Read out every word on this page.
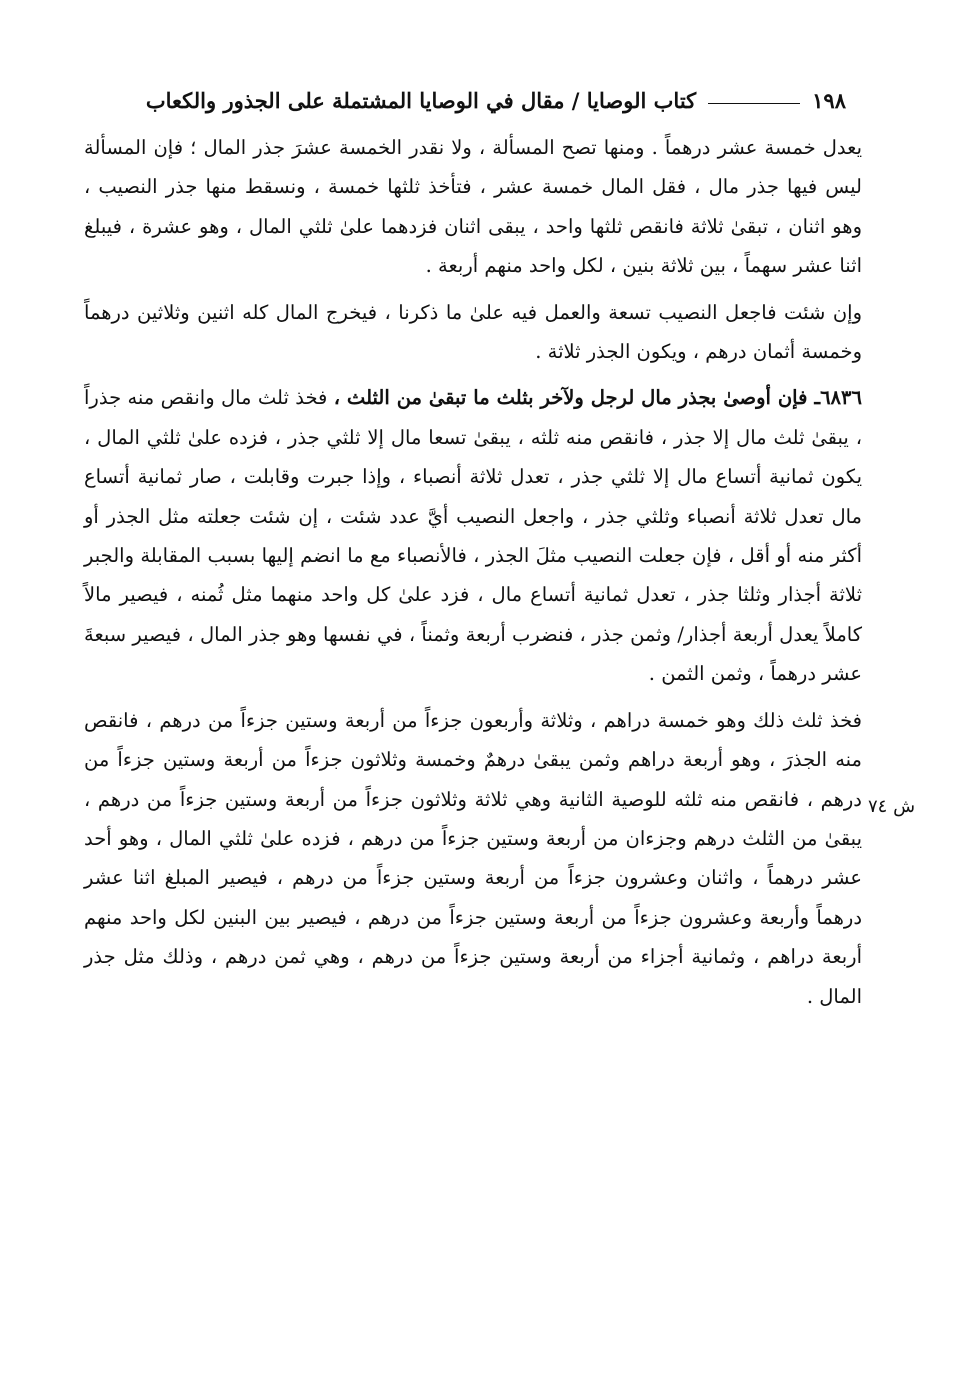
١٩٨
كتاب الوصايا / مقال في الوصايا المشتملة على الجذور والكعاب

يعدل خمسة عشر درهماً . ومنها تصح المسألة ، ولا نقدر الخمسة عشرَ جذر المال ؛ فإن المسألة ليس فيها جذر مال ، فقل المال خمسة عشر ، فتأخذ ثلثها خمسة ، ونسقط منها جذر النصيب ، وهو اثنان ، تبقىٰ ثلاثة فانقص ثلثها واحد ، يبقى اثنان فزدهما علىٰ ثلثي المال ، وهو عشرة ، فيبلغ اثنا عشر سهماً ، بين ثلاثة بنين ، لكل واحد منهم أربعة .

وإن شئت فاجعل النصيب تسعة والعمل فيه علىٰ ما ذكرنا ، فيخرج المال كله اثنين وثلاثين درهماً وخمسة أثمان درهم ، ويكون الجذر ثلاثة .

٦٨٣٦ـ فإن أوصىٰ بجذر مال لرجل ولآخر بثلث ما تبقىٰ من الثلث ، فخذ ثلث مال وانقص منه جذراً ، يبقىٰ ثلث مال إلا جذر ، فانقص منه ثلثه ، يبقىٰ تسعا مال إلا ثلثي جذر ، فزده علىٰ ثلثي المال ، يكون ثمانية أتساع مال إلا ثلثي جذر ، تعدل ثلاثة أنصباء ، وإذا جبرت وقابلت ، صار ثمانية أتساع مال تعدل ثلاثة أنصباء وثلثي جذر ، واجعل النصيب أيَّ عدد شئت ، إن شئت جعلته مثل الجذر أو أكثر منه أو أقل ، فإن جعلت النصيب مثلَ الجذر ، فالأنصباء مع ما انضم إليها بسبب المقابلة والجبر ثلاثة أجذار وثلثا جذر ، تعدل ثمانية أتساع مال ، فزد علىٰ كل واحد منهما مثل ثُمنه ، فيصير مالاً كاملاً يعدل أربعة أجذار/ وثمن جذر ، فنضرب أربعة وثمناً ، في نفسها وهو جذر المال ، فيصير سبعةَ عشر درهماً ، وثمن الثمن .

فخذ ثلث ذلك وهو خمسة دراهم ، وثلاثة وأربعون جزءاً من أربعة وستين جزءاً من درهم ، فانقص منه الجذرَ ، وهو أربعة دراهم وثمن يبقىٰ درهمٌ وخمسة وثلاثون جزءاً من أربعة وستين جزءاً من درهم ، فانقص منه ثلثه للوصية الثانية وهي ثلاثة وثلاثون جزءاً من أربعة وستين جزءاً من درهم ، يبقىٰ من الثلث درهم وجزءان من أربعة وستين جزءاً من درهم ، فزده علىٰ ثلثي المال ، وهو أحد عشر درهماً ، واثنان وعشرون جزءاً من أربعة وستين جزءاً من درهم ، فيصير المبلغ اثنا عشر درهماً وأربعة وعشرون جزءاً من أربعة وستين جزءاً من درهم ، فيصير بين البنين لكل واحد منهم أربعة دراهم ، وثمانية أجزاء من أربعة وستين جزءاً من درهم ، وهي ثمن درهم ، وذلك مثل جذر المال .

ش ٧٤
